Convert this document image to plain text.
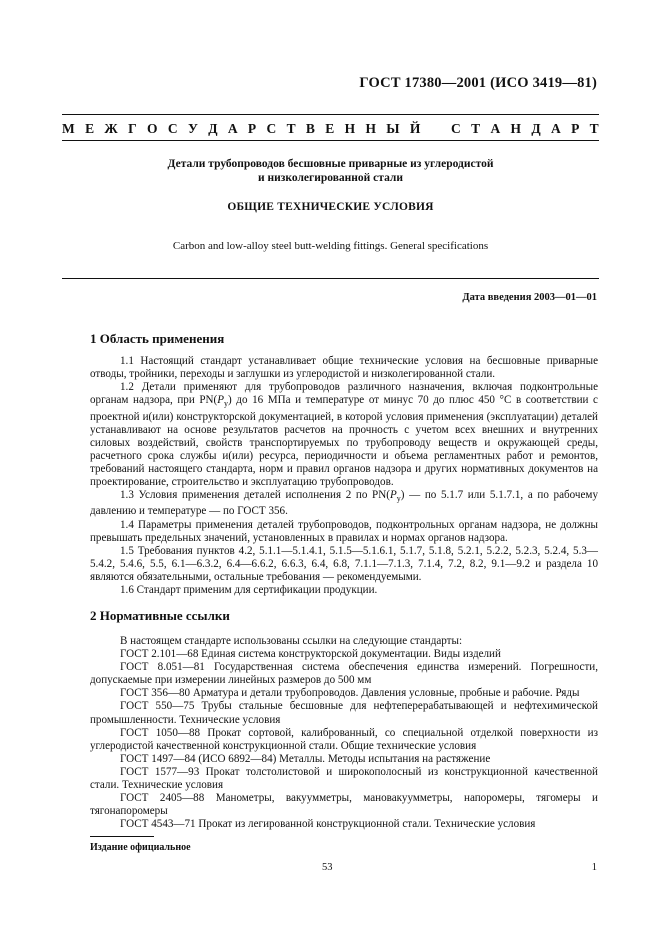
ГОСТ 17380—2001 (ИСО 3419—81)
М Е Ж Г О С У Д А Р С Т В Е Н Н Ы Й С Т А Н Д А Р Т
Детали трубопроводов бесшовные приварные из углеродистой
и низколегированной стали
ОБЩИЕ ТЕХНИЧЕСКИЕ УСЛОВИЯ
Carbon and low-alloy steel butt-welding fittings. General specifications
Дата введения 2003—01—01
1 Область применения

1.1 Настоящий стандарт устанавливает общие технические условия на бесшовные приварные отводы, тройники, переходы и заглушки из углеродистой и низколегированной стали.

1.2 Детали применяют для трубопроводов различного назначения, включая подконтрольные органам надзора, при $PN(P_y)$ до 16 МПа и температуре от минус 70 до плюс 450 °С в соответствии с проектной и(или) конструкторской документацией, в которой условия применения (эксплуатации) деталей устанавливают на основе результатов расчетов на прочность с учетом всех внешних и внутренних силовых воздействий, свойств транспортируемых по трубопроводу веществ и окружающей среды, расчетного срока службы и(или) ресурса, периодичности и объема регламентных работ и ремонтов, требований настоящего стандарта, норм и правил органов надзора и других нормативных документов на проектирование, строительство и эксплуатацию трубопроводов.

1.3 Условия применения деталей исполнения 2 по $PN(P_y)$ — по 5.1.7 или 5.1.7.1, а по рабочему давлению и температуре — по ГОСТ 356.

1.4 Параметры применения деталей трубопроводов, подконтрольных органам надзора, не должны превышать предельных значений, установленных в правилах и нормах органов надзора.

1.5 Требования пунктов 4.2, 5.1.1—5.1.4.1, 5.1.5—5.1.6.1, 5.1.7, 5.1.8, 5.2.1, 5.2.2, 5.2.3, 5.2.4, 5.3—5.4.2, 5.4.6, 5.5, 6.1—6.3.2, 6.4—6.6.2, 6.6.3, 6.4, 6.8, 7.1.1—7.1.3, 7.1.4, 7.2, 8.2, 9.1—9.2 и раздела 10 являются обязательными, остальные требования — рекомендуемыми.

1.6 Стандарт применим для сертификации продукции.

2 Нормативные ссылки

В настоящем стандарте использованы ссылки на следующие стандарты:

ГОСТ 2.101—68 Единая система конструкторской документации. Виды изделий

ГОСТ 8.051—81 Государственная система обеспечения единства измерений. Погрешности, допускаемые при измерении линейных размеров до 500 мм

ГОСТ 356—80 Арматура и детали трубопроводов. Давления условные, пробные и рабочие. Ряды

ГОСТ 550—75 Трубы стальные бесшовные для нефтеперерабатывающей и нефтехимической промышленности. Технические условия

ГОСТ 1050—88 Прокат сортовой, калиброванный, со специальной отделкой поверхности из углеродистой качественной конструкционной стали. Общие технические условия

ГОСТ 1497—84 (ИСО 6892—84) Металлы. Методы испытания на растяжение

ГОСТ 1577—93 Прокат толстолистовой и широкополосный из конструкционной качественной стали. Технические условия

ГОСТ 2405—88 Манометры, вакуумметры, мановакуумметры, напоромеры, тягомеры и тягонапоромеры

ГОСТ 4543—71 Прокат из легированной конструкционной стали. Технические условия

Издание официальное
53	1
